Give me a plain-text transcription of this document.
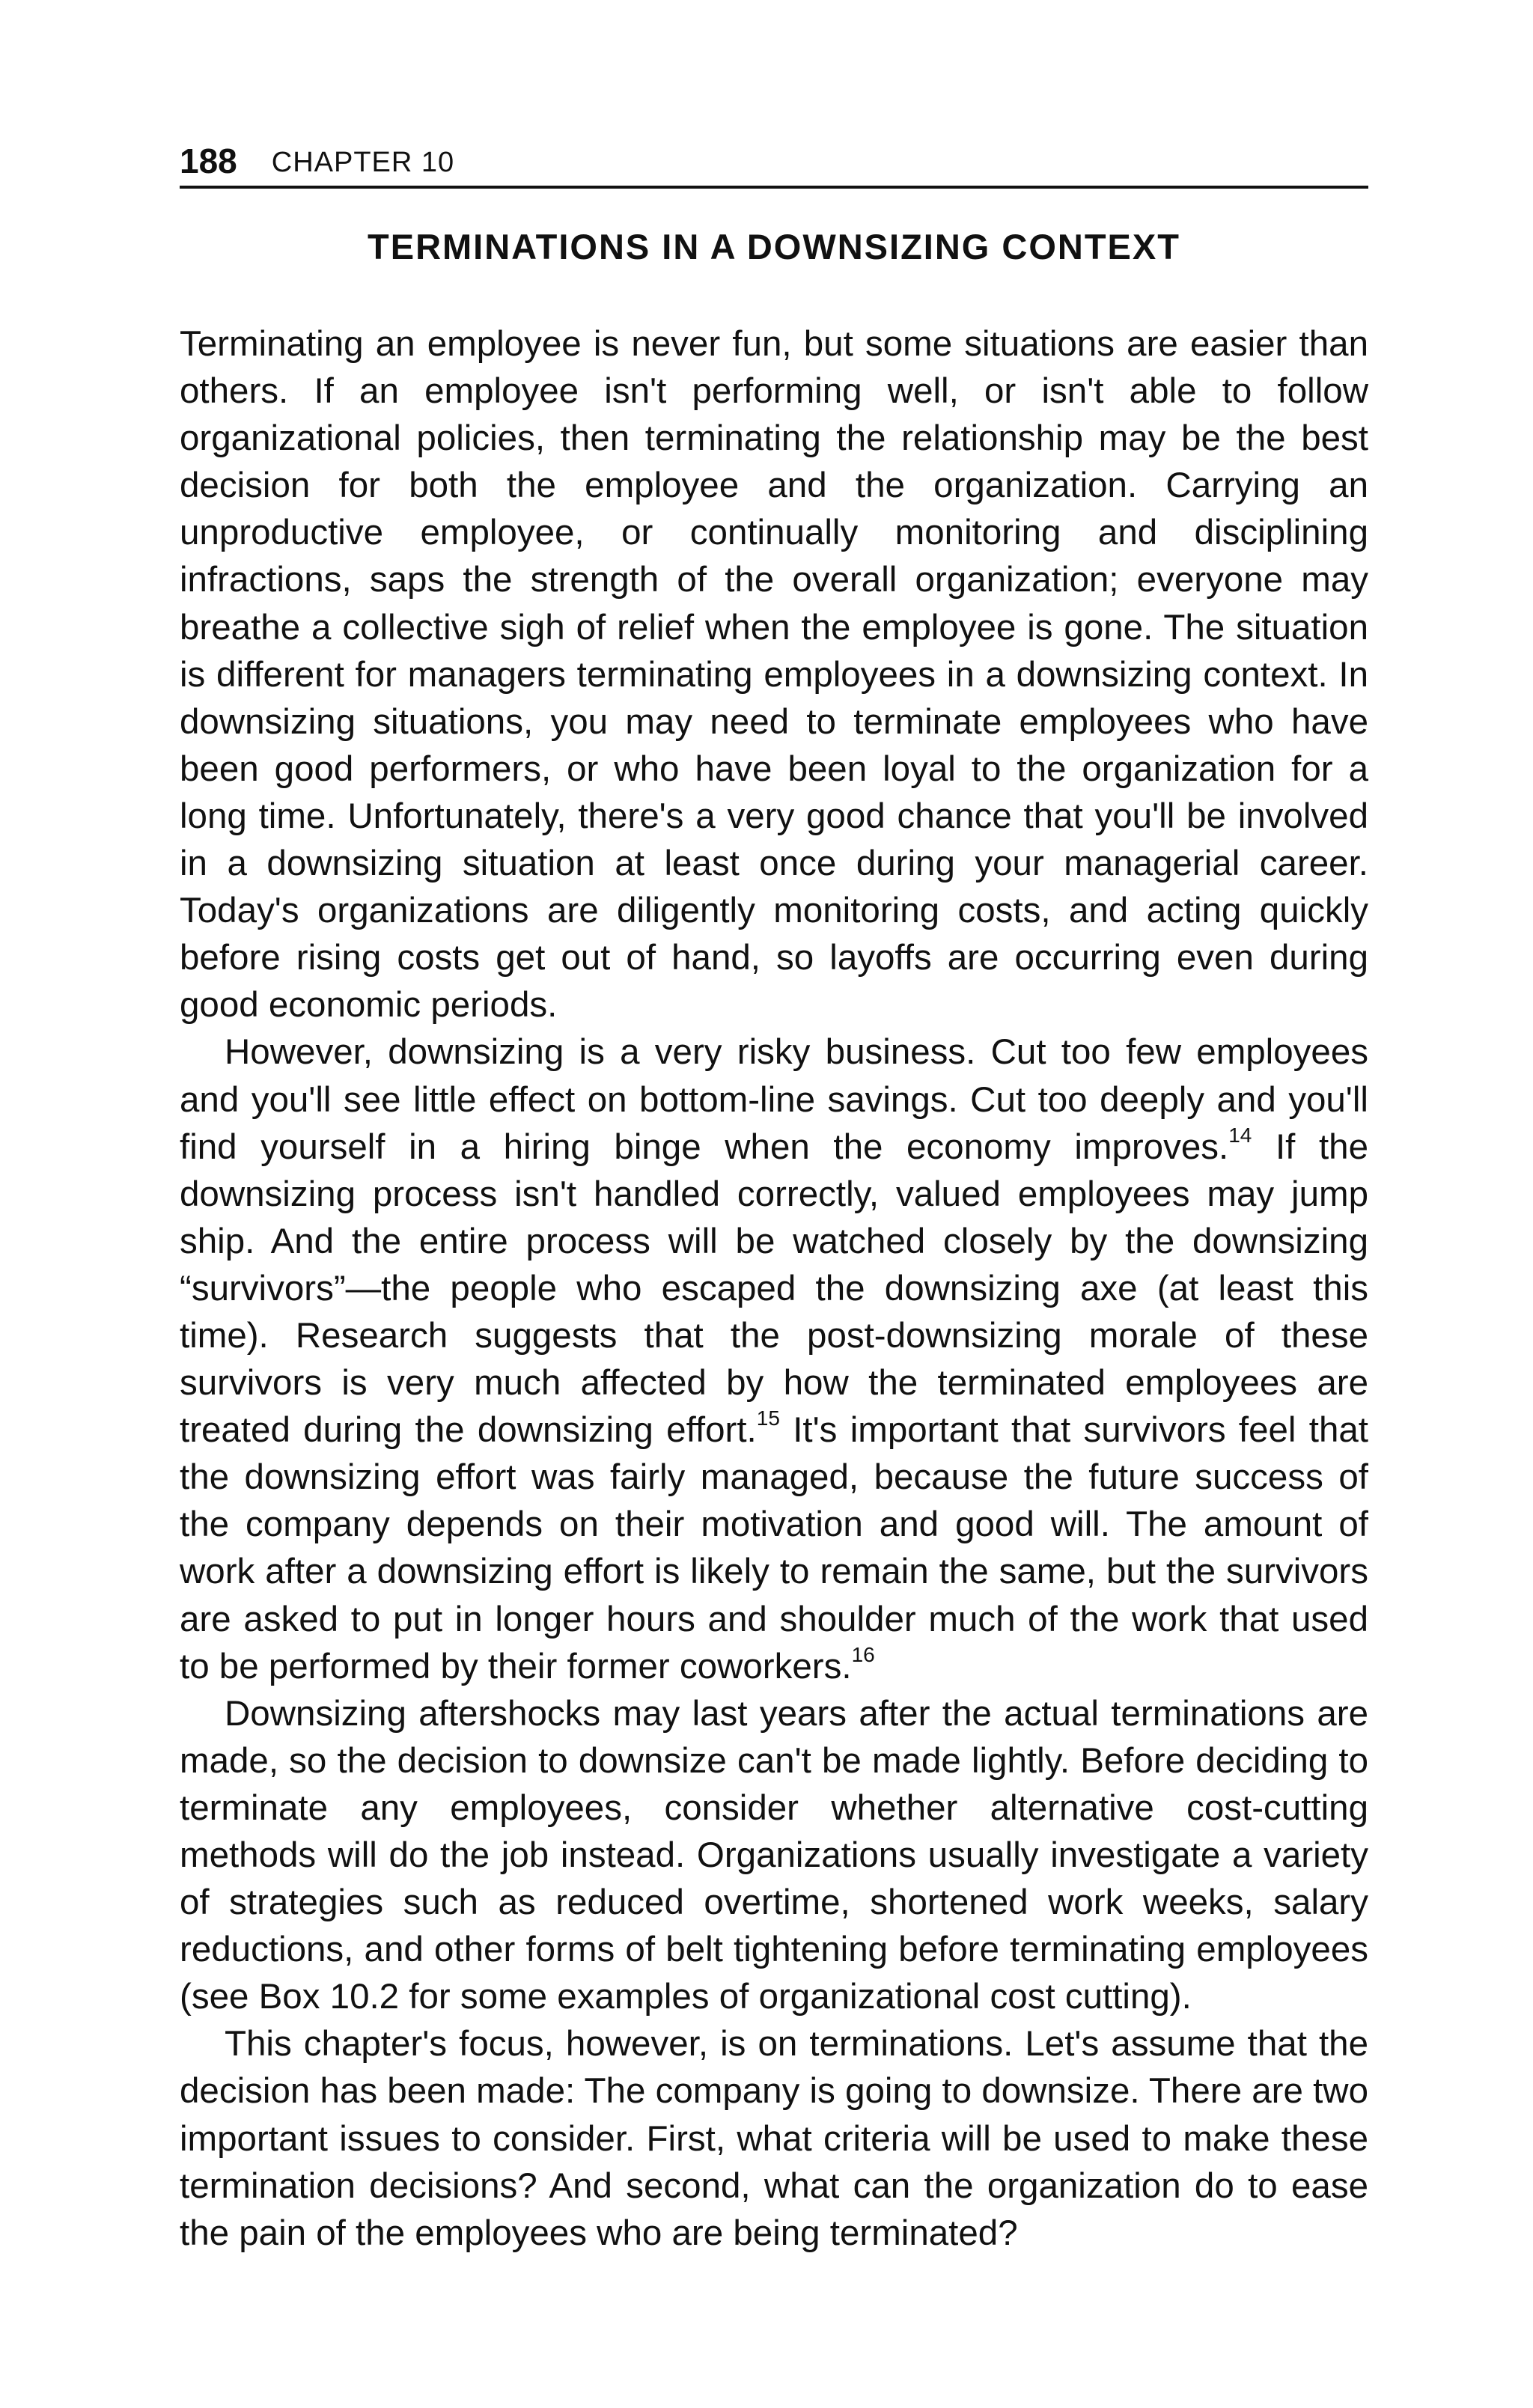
188 CHAPTER 10
TERMINATIONS IN A DOWNSIZING CONTEXT

Terminating an employee is never fun, but some situations are easier than others. If an employee isn't performing well, or isn't able to follow organizational policies, then terminating the relationship may be the best decision for both the employee and the organization. Carrying an unproductive employee, or continually monitoring and disciplining infractions, saps the strength of the overall organization; everyone may breathe a collective sigh of relief when the employee is gone. The situation is different for managers terminating employees in a downsizing context. In downsizing situations, you may need to terminate employees who have been good performers, or who have been loyal to the organization for a long time. Unfortunately, there's a very good chance that you'll be involved in a downsizing situation at least once during your managerial career. Today's organizations are diligently monitoring costs, and acting quickly before rising costs get out of hand, so layoffs are occurring even during good economic periods.

However, downsizing is a very risky business. Cut too few employees and you'll see little effect on bottom-line savings. Cut too deeply and you'll find yourself in a hiring binge when the economy improves.$^{14}$ If the downsizing process isn't handled correctly, valued employees may jump ship. And the entire process will be watched closely by the downsizing “survivors”—the people who escaped the downsizing axe (at least this time). Research suggests that the post-downsizing morale of these survivors is very much affected by how the terminated employees are treated during the downsizing effort.$^{15}$ It's important that survivors feel that the downsizing effort was fairly managed, because the future success of the company depends on their motivation and good will. The amount of work after a downsizing effort is likely to remain the same, but the survivors are asked to put in longer hours and shoulder much of the work that used to be performed by their former coworkers.$^{16}$

Downsizing aftershocks may last years after the actual terminations are made, so the decision to downsize can't be made lightly. Before deciding to terminate any employees, consider whether alternative cost-cutting methods will do the job instead. Organizations usually investigate a variety of strategies such as reduced overtime, shortened work weeks, salary reductions, and other forms of belt tightening before terminating employees (see Box 10.2 for some examples of organizational cost cutting).

This chapter's focus, however, is on terminations. Let's assume that the decision has been made: The company is going to downsize. There are two important issues to consider. First, what criteria will be used to make these termination decisions? And second, what can the organization do to ease the pain of the employees who are being terminated?
